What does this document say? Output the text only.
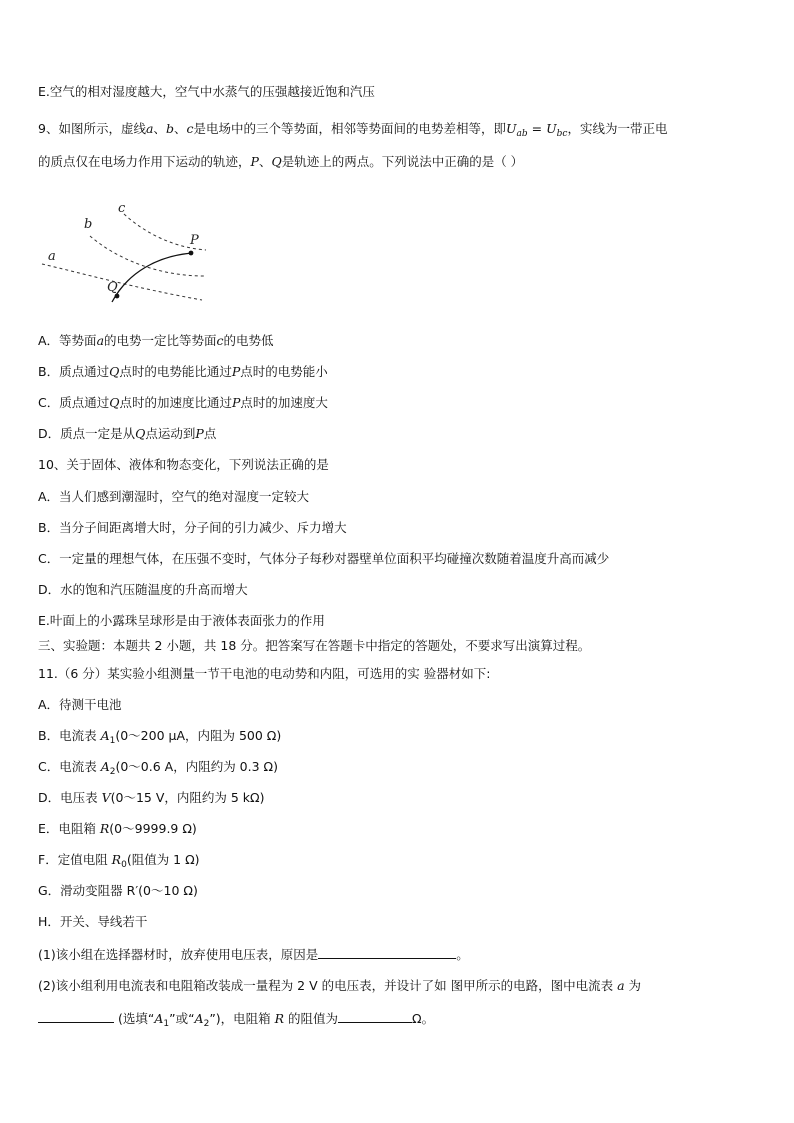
E.空气的相对湿度越大，空气中水蒸气的压强越接近饱和汽压
9、如图所示，虚线a、b、c是电场中的三个等势面，相邻等势面间的电势差相等，即$U_{ab} = U_{bc}$，实线为一带正电
的质点仅在电场力作用下运动的轨迹，P、Q是轨迹上的两点。下列说法中正确的是（ ）
c
b
a
P
Q
A．等势面a的电势一定比等势面c的电势低
B．质点通过Q点时的电势能比通过P点时的电势能小
C．质点通过Q点时的加速度比通过P点时的加速度大
D．质点一定是从Q点运动到P点
10、关于固体、液体和物态变化，下列说法正确的是
A．当人们感到潮湿时，空气的绝对湿度一定较大
B．当分子间距离增大时，分子间的引力减少、斥力增大
C．一定量的理想气体，在压强不变时，气体分子每秒对器壁单位面积平均碰撞次数随着温度升高而减少
D．水的饱和汽压随温度的升高而增大
E.叶面上的小露珠呈球形是由于液体表面张力的作用
三、实验题：本题共 2 小题，共 18 分。把答案写在答题卡中指定的答题处，不要求写出演算过程。
11.（6 分）某实验小组测量一节干电池的电动势和内阻，可选用的实 验器材如下:
A．待测干电池
B．电流表 $A_1(0\sim 200$ μA，内阻为 500 Ω)
C．电流表 $A_2(0\sim 0.6$ A，内阻约为 0.3 Ω)
D．电压表 V(0～15 V，内阻约为 5 kΩ)
E．电阻箱 R(0～9999.9 Ω)
F．定值电阻 $R_0$(阻值为 1 Ω)
G．滑动变阻器 R′(0～10 Ω)
H．开关、导线若干
(1)该小组在选择器材时，放弃使用电压表，原因是	。
(2)该小组利用电流表和电阻箱改装成一量程为 2 V 的电压表，并设计了如 图甲所示的电路，图中电流表 a 为
(选填“$A_1$”或“$A_2$”)，电阻箱 R 的阻值为	Ω。
